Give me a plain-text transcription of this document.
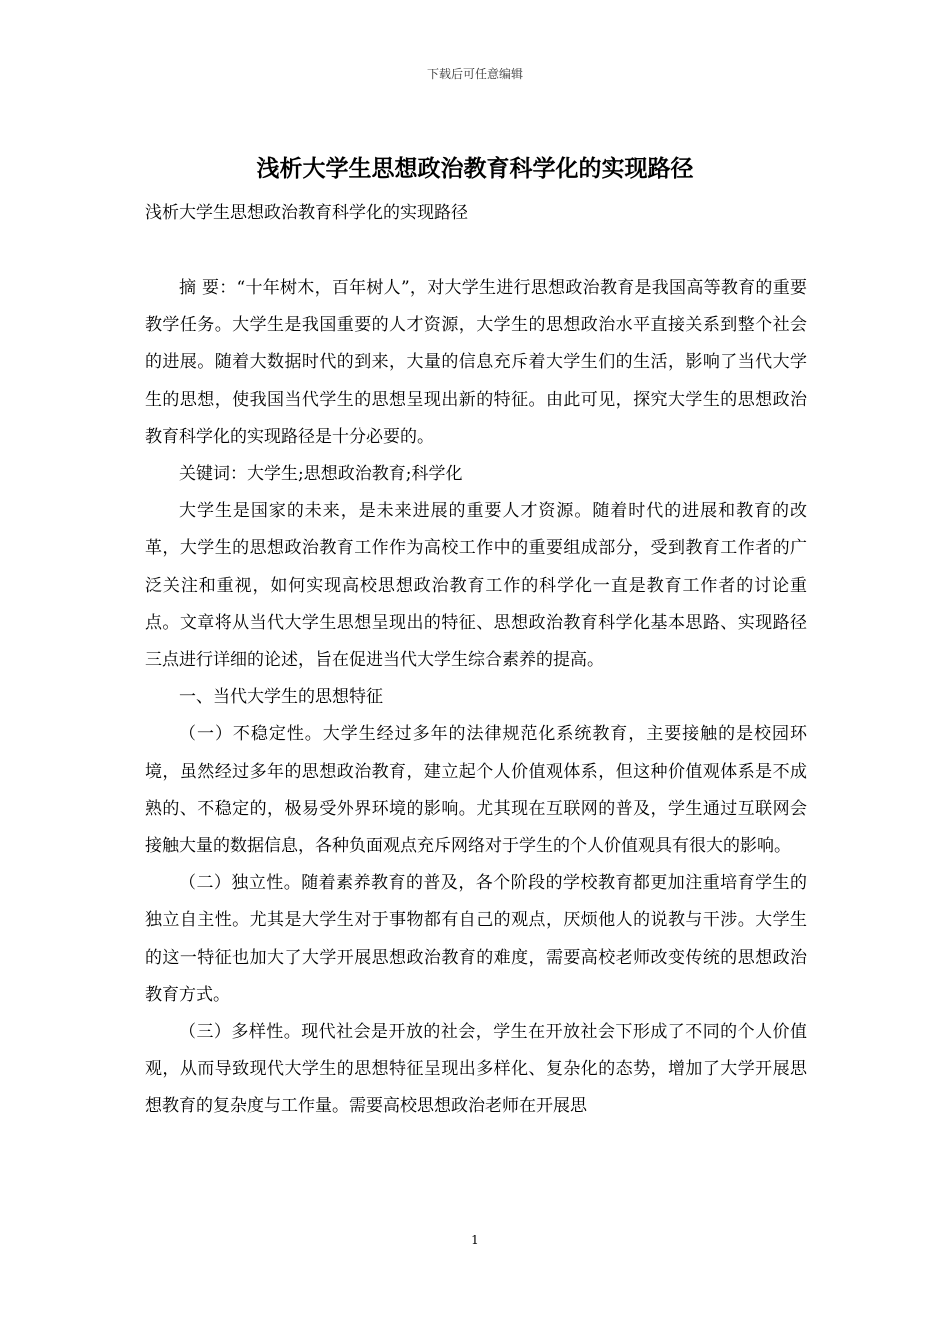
下载后可任意编辑
浅析大学生思想政治教育科学化的实现路径
浅析大学生思想政治教育科学化的实现路径

摘 要：“十年树木，百年树人”，对大学生进行思想政治教育是我国高等教育的重要教学任务。大学生是我国重要的人才资源，大学生的思想政治水平直接关系到整个社会的进展。随着大数据时代的到来，大量的信息充斥着大学生们的生活，影响了当代大学生的思想，使我国当代学生的思想呈现出新的特征。由此可见，探究大学生的思想政治教育科学化的实现路径是十分必要的。

关键词：大学生;思想政治教育;科学化

大学生是国家的未来，是未来进展的重要人才资源。随着时代的进展和教育的改革，大学生的思想政治教育工作作为高校工作中的重要组成部分，受到教育工作者的广泛关注和重视，如何实现高校思想政治教育工作的科学化一直是教育工作者的讨论重点。文章将从当代大学生思想呈现出的特征、思想政治教育科学化基本思路、实现路径三点进行详细的论述，旨在促进当代大学生综合素养的提高。

一、当代大学生的思想特征

（一）不稳定性。大学生经过多年的法律规范化系统教育，主要接触的是校园环境，虽然经过多年的思想政治教育，建立起个人价值观体系，但这种价值观体系是不成熟的、不稳定的，极易受外界环境的影响。尤其现在互联网的普及，学生通过互联网会接触大量的数据信息，各种负面观点充斥网络对于学生的个人价值观具有很大的影响。

（二）独立性。随着素养教育的普及，各个阶段的学校教育都更加注重培育学生的独立自主性。尤其是大学生对于事物都有自己的观点，厌烦他人的说教与干涉。大学生的这一特征也加大了大学开展思想政治教育的难度，需要高校老师改变传统的思想政治教育方式。

（三）多样性。现代社会是开放的社会，学生在开放社会下形成了不同的个人价值观，从而导致现代大学生的思想特征呈现出多样化、复杂化的态势，增加了大学开展思想教育的复杂度与工作量。需要高校思想政治老师在开展思

1
